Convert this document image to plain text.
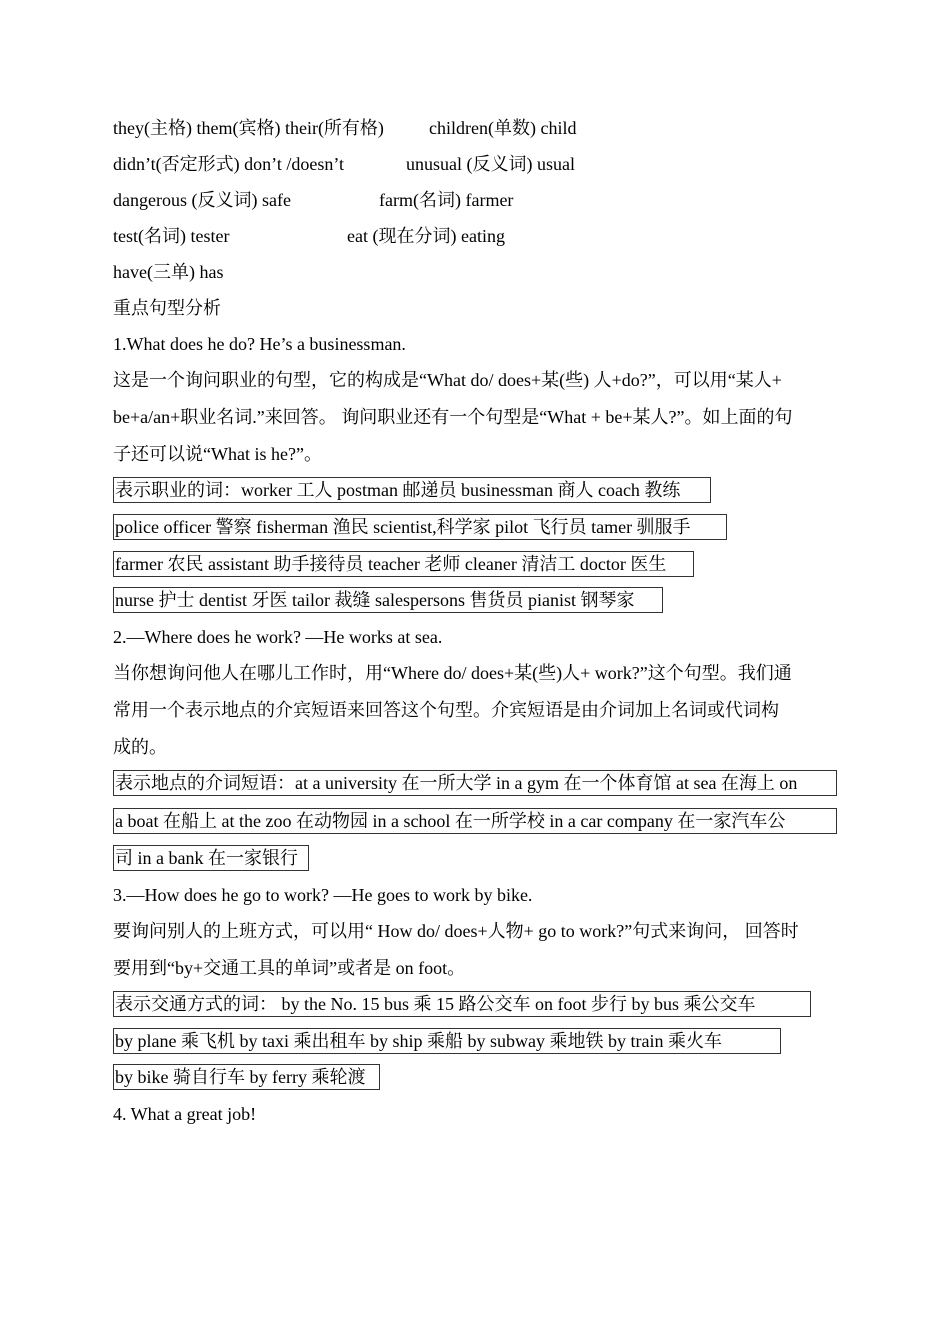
they(主格) them(宾格) their(所有格)	children(单数) child
didn’t(否定形式) don’t /doesn’t	unusual (反义词) usual
dangerous (反义词) safe	farm(名词) farmer
test(名词) tester	eat (现在分词) eating
have(三单) has
重点句型分析
1.What does he do? He’s a businessman.
这是一个询问职业的句型，它的构成是“What do/ does+某(些) 人+do?”，可以用“某人+
be+a/an+职业名词.”来回答。 询问职业还有一个句型是“What + be+某人?”。如上面的句
子还可以说“What is he?”。
表示职业的词：worker 工人 postman 邮递员 businessman 商人 coach 教练
police officer 警察 fisherman 渔民 scientist,科学家 pilot 飞行员 tamer 驯服手
farmer 农民 assistant 助手接待员 teacher 老师 cleaner 清洁工 doctor 医生
nurse 护士 dentist 牙医 tailor 裁缝 salespersons 售货员 pianist 钢琴家
2.—Where does he work? —He works at sea.
当你想询问他人在哪儿工作时，用“Where do/ does+某(些)人+ work?”这个句型。我们通
常用一个表示地点的介宾短语来回答这个句型。介宾短语是由介词加上名词或代词构
成的。
表示地点的介词短语：at a university 在一所大学 in a gym 在一个体育馆 at sea 在海上 on
a boat 在船上 at the zoo 在动物园 in a school 在一所学校 in a car company 在一家汽车公
司 in a bank 在一家银行
3.—How does he go to work? —He goes to work by bike.
要询问别人的上班方式，可以用“ How do/ does+人物+ go to work?”句式来询问， 回答时
要用到“by+交通工具的单词”或者是 on foot。
表示交通方式的词： by the No. 15 bus 乘 15 路公交车 on foot 步行 by bus 乘公交车
by plane 乘飞机 by taxi 乘出租车 by ship 乘船 by subway 乘地铁 by train 乘火车
by bike 骑自行车 by ferry 乘轮渡
4. What a great job!
